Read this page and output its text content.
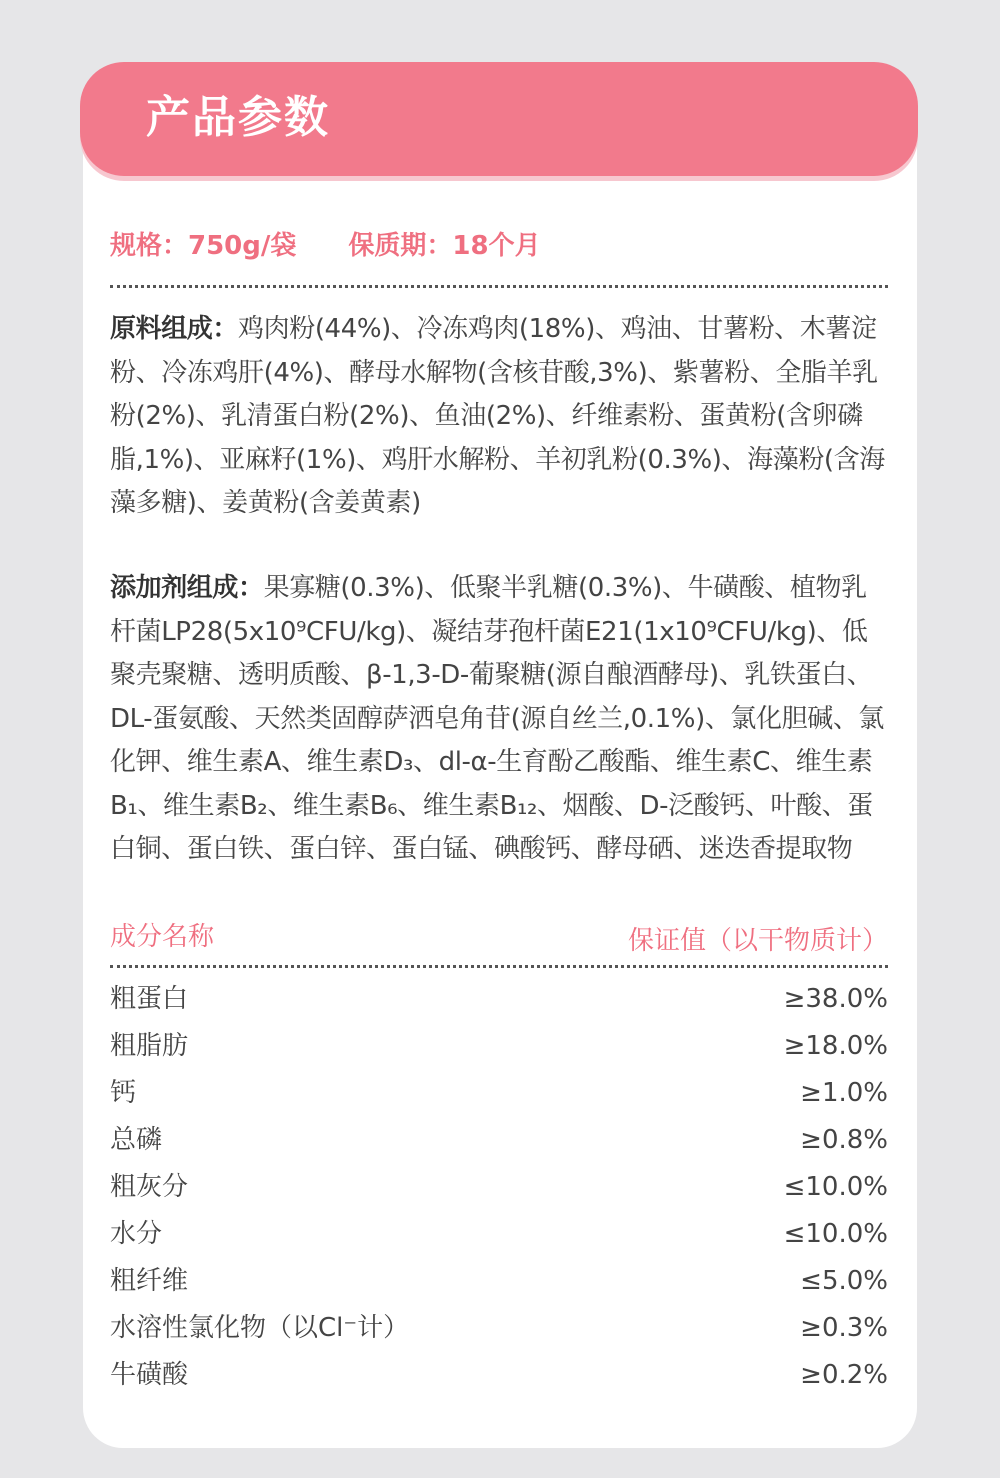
产品参数
规格：750g/袋 保质期：18个月
原料组成：鸡肉粉(44%)、冷冻鸡肉(18%)、鸡油、甘薯粉、木薯淀粉、冷冻鸡肝(4%)、酵母水解物(含核苷酸,3%)、紫薯粉、全脂羊乳粉(2%)、乳清蛋白粉(2%)、鱼油(2%)、纤维素粉、蛋黄粉(含卵磷脂,1%)、亚麻籽(1%)、鸡肝水解粉、羊初乳粉(0.3%)、海藻粉(含海藻多糖)、姜黄粉(含姜黄素)
添加剂组成：果寡糖(0.3%)、低聚半乳糖(0.3%)、牛磺酸、植物乳杆菌LP28(5x10⁹CFU/kg)、凝结芽孢杆菌E21(1x10⁹CFU/kg)、低聚壳聚糖、透明质酸、β-1,3-D-葡聚糖(源自酿酒酵母)、乳铁蛋白、DL-蛋氨酸、天然类固醇萨洒皂角苷(源自丝兰,0.1%)、氯化胆碱、氯化钾、维生素A、维生素D₃、dl-α-生育酚乙酸酯、维生素C、维生素B₁、维生素B₂、维生素B₆、维生素B₁₂、烟酸、D-泛酸钙、叶酸、蛋白铜、蛋白铁、蛋白锌、蛋白锰、碘酸钙、酵母硒、迷迭香提取物
成分名称	保证值（以干物质计）
粗蛋白	≥38.0%
粗脂肪	≥18.0%
钙	≥1.0%
总磷	≥0.8%
粗灰分	≤10.0%
水分	≤10.0%
粗纤维	≤5.0%
水溶性氯化物（以Cl⁻计）	≥0.3%
牛磺酸	≥0.2%
